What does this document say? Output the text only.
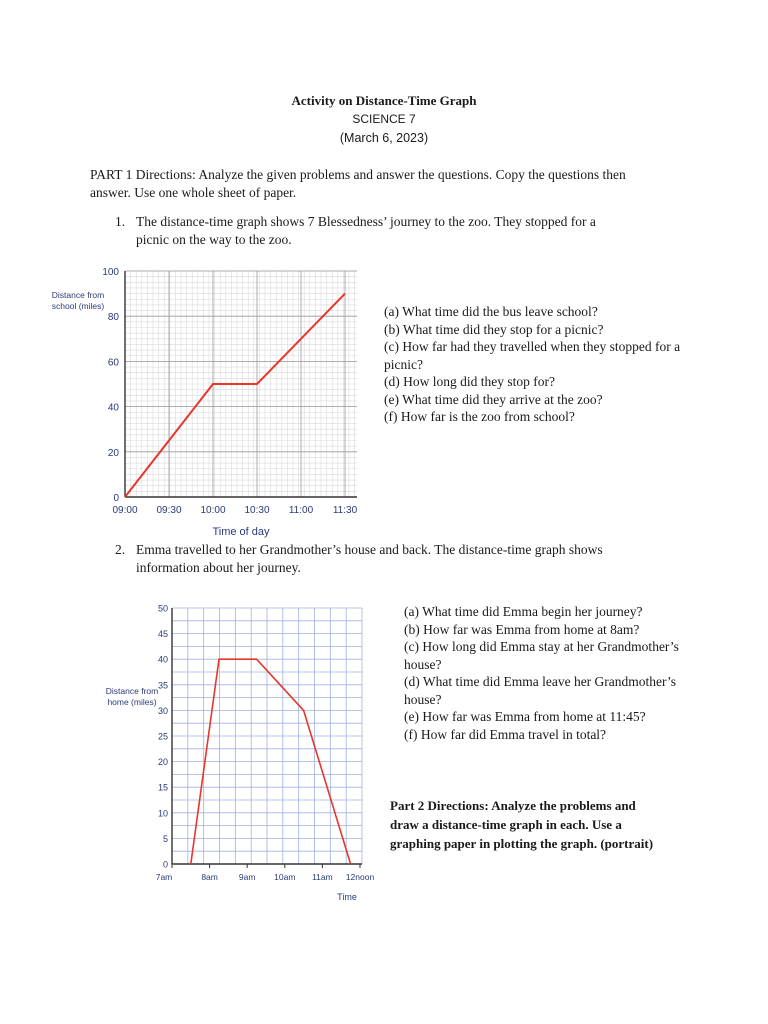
Activity on Distance-Time Graph
SCIENCE 7
(March 6, 2023)
PART 1 Directions: Analyze the given problems and answer the questions. Copy the questions then
answer. Use one whole sheet of paper.
1. The distance-time graph shows 7 Blessedness’ journey to the zoo. They stopped for a
picnic on the way to the zoo.
0
20
40
60
80
100
09:00 09:30 10:00 10:30 11:00 11:30
Time of day
Distance from
school (miles)	(a) What time did the bus leave school?

(b) What time did they stop for a picnic?

(c) How far had they travelled when they stopped for a

picnic?

(d) How long did they stop for?

(e) What time did they arrive at the zoo?

(f) How far is the zoo from school?

2. Emma travelled to her Grandmother’s house and back. The distance-time graph shows
information about her journey.
0
5
10
15
20
25
30
35
40
45
50
7am	8am 9am 10am 11am 12noon
Time
Distance from
home (miles)

(a) What time did Emma begin her journey?

(b) How far was Emma from home at 8am?

(c) How long did Emma stay at her Grandmother’s

house?

(d) What time did Emma leave her Grandmother’s

house?

(e) How far was Emma from home at 11:45?

(f) How far did Emma travel in total?

Part 2 Directions: Analyze the problems and
draw a distance-time graph in each. Use a
graphing paper in plotting the graph. (portrait)
